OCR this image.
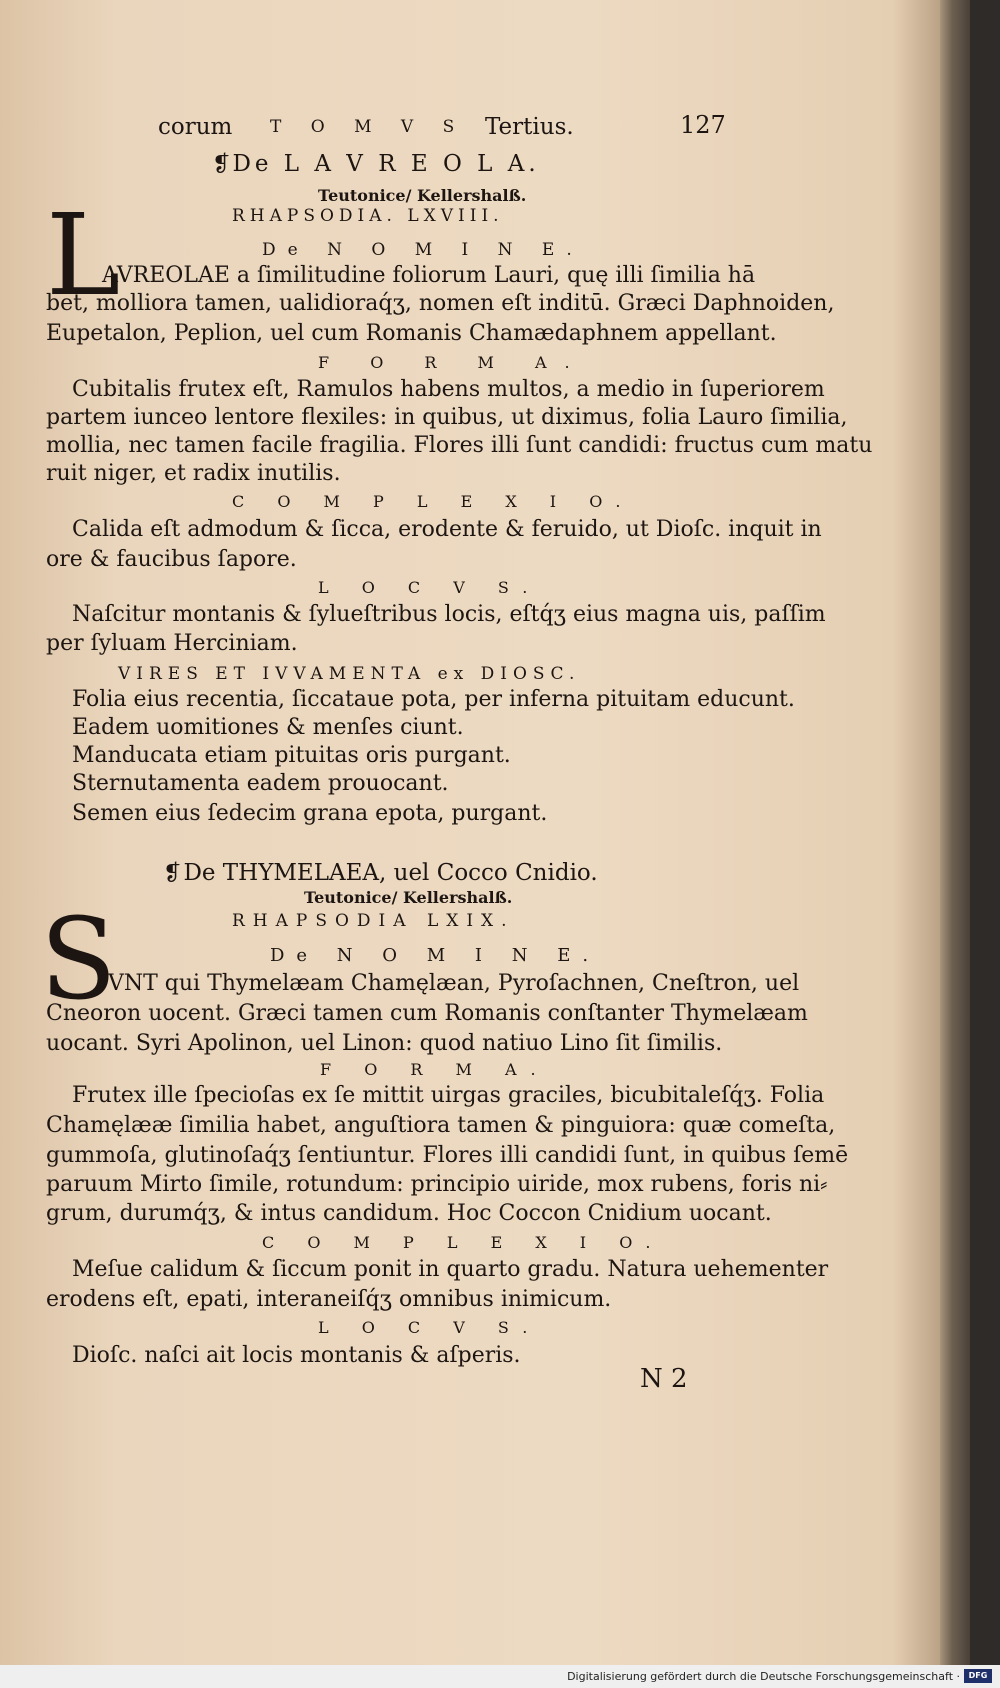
corum T O M V S Tertius.	127
❡De L A V R E O L A.
Teutonice/ Kellershalß.
RHAPSODIA. LXVIII.
De N O M I N E.
L
AVREOLAE a ſimilitudine foliorum Lauri, quę illi ſimilia hā
bet, molliora tamen, ualidioraq́ʒ, nomen eſt inditū. Græci Daphnoiden,
Eupetalon, Peplion, uel cum Romanis Chamædaphnem appellant.
F O R M A.
Cubitalis frutex eſt, Ramulos habens multos, a medio in ſuperiorem
partem iunceo lentore flexiles: in quibus, ut diximus, folia Lauro ſimilia,
mollia, nec tamen facile fragilia. Flores illi ſunt candidi: fructus cum matu
ruit niger, et radix inutilis.
C O M P L E X I O.
Calida eſt admodum & ſicca, erodente & feruido, ut Dioſc. inquit in
ore & faucibus ſapore.
L O C V S.
Naſcitur montanis & ſylueſtribus locis, eſtq́ʒ eius magna uis, paſſim
per ſyluam Herciniam.
VIRES ET IVVAMENTA ex DIOSC.
Folia eius recentia, ſiccataue pota, per inferna pituitam educunt.
Eadem uomitiones & menſes ciunt.
Manducata etiam pituitas oris purgant.
Sternutamenta eadem prouocant.
Semen eius ſedecim grana epota, purgant.
❡De THYMELAEA, uel Cocco Cnidio.
Teutonice/ Kellershalß.
RHAPSODIA LXIX.
De N O M I N E.
S
VNT qui Thymelæam Chamęlæan, Pyroſachnen, Cneſtron, uel
Cneoron uocent. Græci tamen cum Romanis conſtanter Thymelæam
uocant. Syri Apolinon, uel Linon: quod natiuo Lino ſit ſimilis.
F O R M A.
Frutex ille ſpecioſas ex ſe mittit uirgas graciles, bicubitaleſq́ʒ. Folia
Chamęlææ ſimilia habet, anguſtiora tamen & pinguiora: quæ comeſta,
gummoſa, glutinoſaq́ʒ ſentiuntur. Flores illi candidi ſunt, in quibus ſemē
paruum Mirto ſimile, rotundum: principio uiride, mox rubens, foris ni⸗
grum, durumq́ʒ, & intus candidum. Hoc Coccon Cnidium uocant.
C O M P L E X I O.
Meſue calidum & ſiccum ponit in quarto gradu. Natura uehementer
erodens eſt, epati, interaneiſq́ʒ omnibus inimicum.
L O C V S.
Dioſc. naſci ait locis montanis & aſperis.
N 2
Digitalisierung gefördert durch die Deutsche Forschungsgemeinschaft ·	DFG
